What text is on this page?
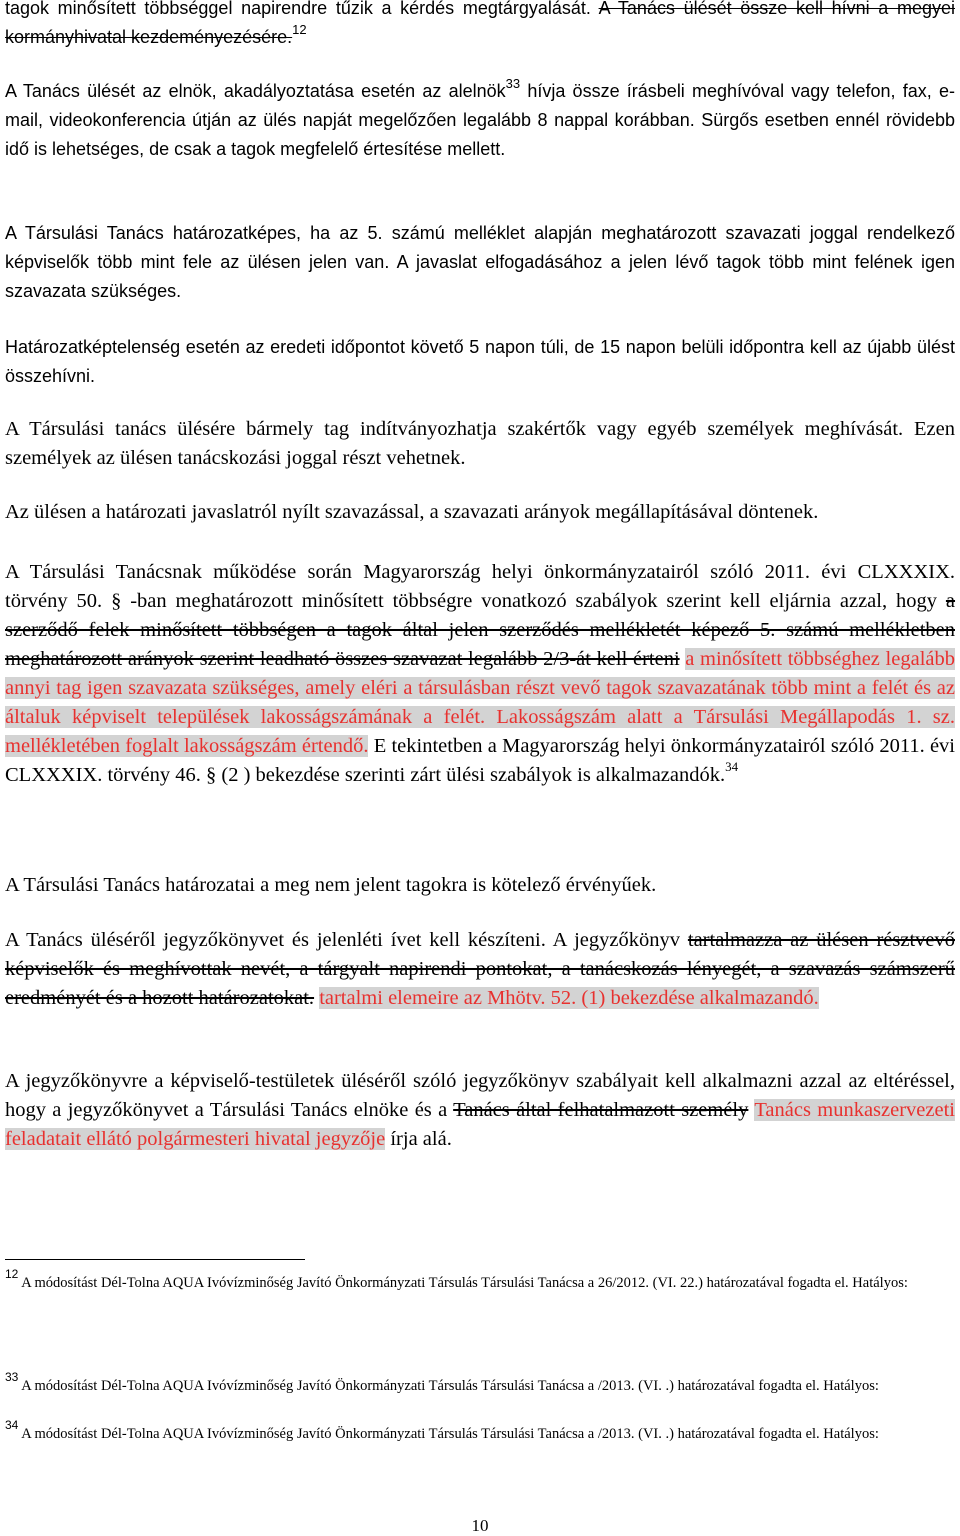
tagok minősített többséggel napirendre tűzik a kérdés megtárgyalását. A Tanács ülését össze kell hívni a megyei kormányhivatal kezdeményezésére.$^{12}$

A Tanács ülését az elnök, akadályoztatása esetén az alelnök$^{33}$ hívja össze írásbeli meghívóval vagy telefon, fax, e-mail, videokonferencia útján az ülés napját megelőzően legalább 8 nappal korábban. Sürgős esetben ennél rövidebb idő is lehetséges, de csak a tagok megfelelő értesítése mellett.

A Társulási Tanács határozatképes, ha az 5. számú melléklet alapján meghatározott szavazati joggal rendelkező képviselők több mint fele az ülésen jelen van. A javaslat elfogadásához a jelen lévő tagok több mint felének igen szavazata szükséges.

Határozatképtelenség esetén az eredeti időpontot követő 5 napon túli, de 15 napon belüli időpontra kell az újabb ülést összehívni.

A Társulási tanács ülésére bármely tag indítványozhatja szakértők vagy egyéb személyek meghívását. Ezen személyek az ülésen tanácskozási joggal részt vehetnek.

Az ülésen a határozati javaslatról nyílt szavazással, a szavazati arányok megállapításával döntenek.

A Társulási Tanácsnak működése során Magyarország helyi önkormányzatairól szóló 2011. évi CLXXXIX. törvény 50. § -ban meghatározott minősített többségre vonatkozó szabályok szerint kell eljárnia azzal, hogy a szerződő felek minősített többségen a tagok által jelen szerződés mellékletét képező 5. számú mellékletben meghatározott arányok szerint leadható összes szavazat legalább 2/3-át kell érteni a minősített többséghez legalább annyi tag igen szavazata szükséges, amely eléri a társulásban részt vevő tagok szavazatának több mint a felét és az általuk képviselt települések lakosságszámának a felét. Lakosságszám alatt a Társulási Megállapodás 1. sz. mellékletében foglalt lakosságszám értendő. E tekintetben a Magyarország helyi önkormányzatairól szóló 2011. évi CLXXXIX. törvény 46. § (2 ) bekezdése szerinti zárt ülési szabályok is alkalmazandók.$^{34}$

A Társulási Tanács határozatai a meg nem jelent tagokra is kötelező érvényűek.

A Tanács üléséről jegyzőkönyvet és jelenléti ívet kell készíteni. A jegyzőkönyv tartalmazza az ülésen résztvevő képviselők és meghívottak nevét, a tárgyalt napirendi pontokat, a tanácskozás lényegét, a szavazás számszerű eredményét és a hozott határozatokat. tartalmi elemeire az Mhötv. 52. (1) bekezdése alkalmazandó.

A jegyzőkönyvre a képviselő-testületek üléséről szóló jegyzőkönyv szabályait kell alkalmazni azzal az eltéréssel, hogy a jegyzőkönyvet a Társulási Tanács elnöke és a Tanács által felhatalmazott személy Tanács munkaszervezeti feladatait ellátó polgármesteri hivatal jegyzője írja alá.

$^{12}$ A módosítást Dél-Tolna AQUA Ivóvízminőség Javító Önkormányzati Társulás Társulási Tanácsa a 26/2012. (VI. 22.) határozatával fogadta el. Hatályos:
$^{33}$ A módosítást Dél-Tolna AQUA Ivóvízminőség Javító Önkormányzati Társulás Társulási Tanácsa a /2013. (VI. .) határozatával fogadta el. Hatályos:
$^{34}$ A módosítást Dél-Tolna AQUA Ivóvízminőség Javító Önkormányzati Társulás Társulási Tanácsa a /2013. (VI. .) határozatával fogadta el. Hatályos:
10
